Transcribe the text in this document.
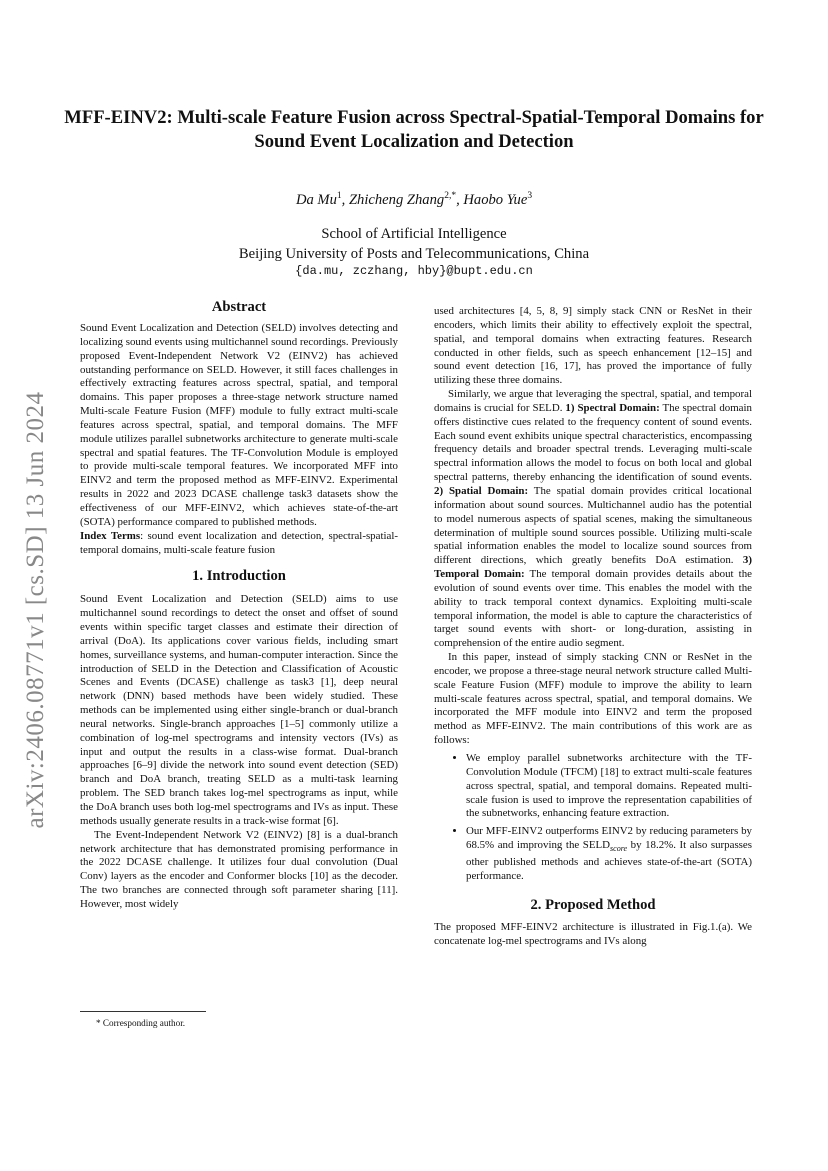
arXiv:2406.08771v1 [cs.SD] 13 Jun 2024
MFF-EINV2: Multi-scale Feature Fusion across Spectral-Spatial-Temporal Domains for Sound Event Localization and Detection
Da Mu$^1$, Zhicheng Zhang$^{2,*}$, Haobo Yue$^3$
School of Artificial Intelligence
Beijing University of Posts and Telecommunications, China
{da.mu, zczhang, hby}@bupt.edu.cn
Abstract

Sound Event Localization and Detection (SELD) involves detecting and localizing sound events using multichannel sound recordings. Previously proposed Event-Independent Network V2 (EINV2) has achieved outstanding performance on SELD. However, it still faces challenges in effectively extracting features across spectral, spatial, and temporal domains. This paper proposes a three-stage network structure named Multi-scale Feature Fusion (MFF) module to fully extract multi-scale features across spectral, spatial, and temporal domains. The MFF module utilizes parallel subnetworks architecture to generate multi-scale spectral and spatial features. The TF-Convolution Module is employed to provide multi-scale temporal features. We incorporated MFF into EINV2 and term the proposed method as MFF-EINV2. Experimental results in 2022 and 2023 DCASE challenge task3 datasets show the effectiveness of our MFF-EINV2, which achieves state-of-the-art (SOTA) performance compared to published methods.

Index Terms: sound event localization and detection, spectral-spatial-temporal domains, multi-scale feature fusion

1. Introduction

Sound Event Localization and Detection (SELD) aims to use multichannel sound recordings to detect the onset and offset of sound events within specific target classes and estimate their direction of arrival (DoA). Its applications cover various fields, including smart homes, surveillance systems, and human-computer interaction. Since the introduction of SELD in the Detection and Classification of Acoustic Scenes and Events (DCASE) challenge as task3 [1], deep neural network (DNN) based methods have been widely studied. These methods can be implemented using either single-branch or dual-branch neural networks. Single-branch approaches [1–5] commonly utilize a combination of log-mel spectrograms and intensity vectors (IVs) as input and output the results in a class-wise format. Dual-branch approaches [6–9] divide the network into sound event detection (SED) branch and DoA branch, treating SELD as a multi-task learning problem. The SED branch takes log-mel spectrograms as input, while the DoA branch uses both log-mel spectrograms and IVs as input. These methods usually generate results in a track-wise format [6].

The Event-Independent Network V2 (EINV2) [8] is a dual-branch network architecture that has demonstrated promising performance in the 2022 DCASE challenge. It utilizes four dual convolution (Dual Conv) layers as the encoder and Conformer blocks [10] as the decoder. The two branches are connected through soft parameter sharing [11]. However, most widely

used architectures [4, 5, 8, 9] simply stack CNN or ResNet in their encoders, which limits their ability to effectively exploit the spectral, spatial, and temporal domains when extracting features. Research conducted in other fields, such as speech enhancement [12–15] and sound event detection [16, 17], has proved the importance of fully utilizing these three domains.

Similarly, we argue that leveraging the spectral, spatial, and temporal domains is crucial for SELD. 1) Spectral Domain: The spectral domain offers distinctive cues related to the frequency content of sound events. Each sound event exhibits unique spectral characteristics, encompassing frequency details and broader spectral trends. Leveraging multi-scale spectral information allows the model to focus on both local and global spectral patterns, thereby enhancing the identification of sound events. 2) Spatial Domain: The spatial domain provides critical locational information about sound sources. Multichannel audio has the potential to model numerous aspects of spatial scenes, making the simultaneous determination of multiple sound sources possible. Utilizing multi-scale spatial information enables the model to localize sound sources from different directions, which greatly benefits DoA estimation. 3) Temporal Domain: The temporal domain provides details about the evolution of sound events over time. This enables the model with the ability to track temporal context dynamics. Exploiting multi-scale temporal information, the model is able to capture the characteristics of target sound events with short- or long-duration, assisting in comprehension of the entire audio segment.

In this paper, instead of simply stacking CNN or ResNet in the encoder, we propose a three-stage neural network structure called Multi-scale Feature Fusion (MFF) module to improve the ability to learn multi-scale features across spectral, spatial, and temporal domains. We incorporated the MFF module into EINV2 and term the proposed method as MFF-EINV2. The main contributions of this work are as follows:

• We employ parallel subnetworks architecture with the TF-Convolution Module (TFCM) [18] to extract multi-scale features across spectral, spatial, and temporal domains. Repeated multi-scale fusion is used to improve the representation capabilities of the subnetworks, enhancing feature extraction.
• Our MFF-EINV2 outperforms EINV2 by reducing parameters by 68.5% and improving the $SELD_{score}$ by 18.2%. It also surpasses other published methods and achieves state-of-the-art (SOTA) performance.
2. Proposed Method

The proposed MFF-EINV2 architecture is illustrated in Fig.1.(a). We concatenate log-mel spectrograms and IVs along

* Corresponding author.
